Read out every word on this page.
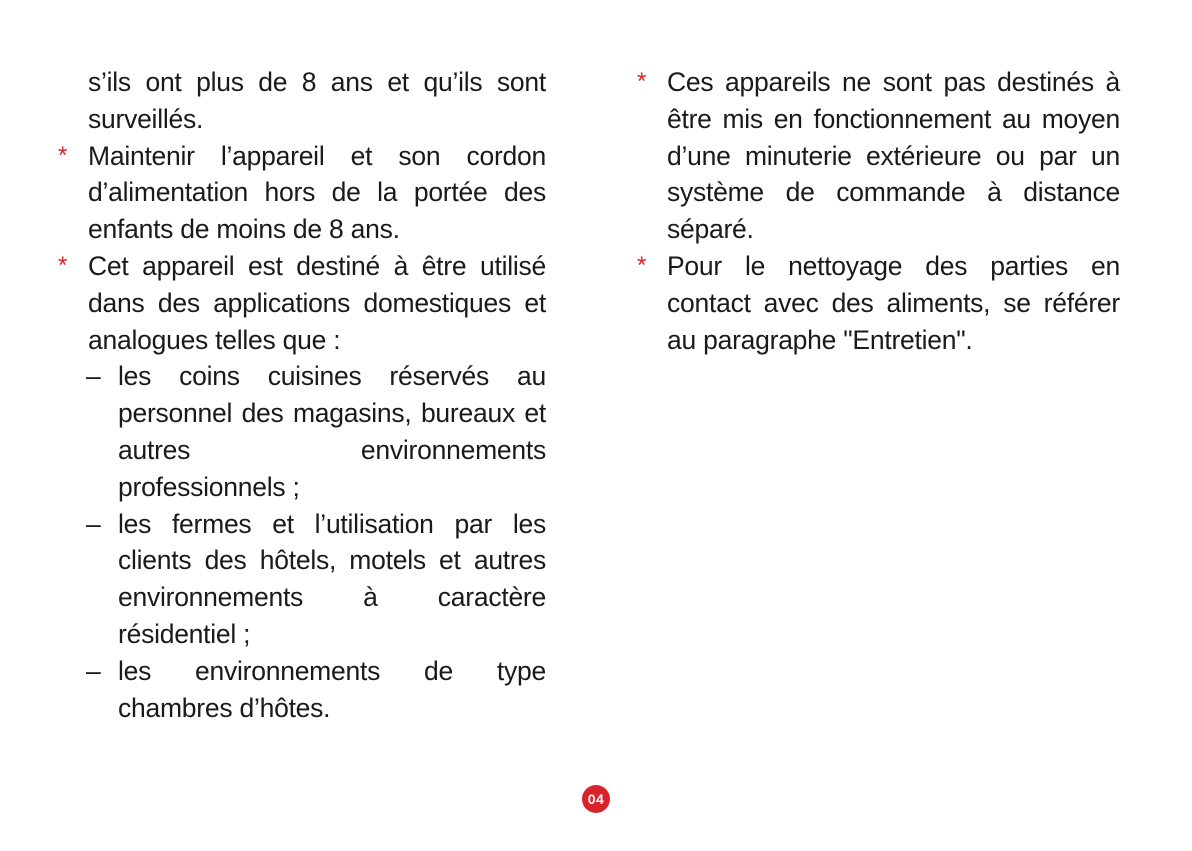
s’ils ont plus de 8 ans et qu’ils sont surveillés.

* Maintenir l’appareil et son cordon d’alimentation hors de la portée des enfants de moins de 8 ans.

* Cet appareil est destiné à être utilisé dans des applications domestiques et analogues telles que :

– les coins cuisines réservés au personnel des magasins, bureaux et autres environnements professionnels ;

– les fermes et l’utilisation par les clients des hôtels, motels et autres environnements à caractère résidentiel ;

– les environnements de type chambres d’hôtes.

* Ces appareils ne sont pas destinés à être mis en fonctionnement au moyen d’une minuterie extérieure ou par un système de commande à distance séparé.

* Pour le nettoyage des parties en contact avec des aliments, se référer au paragraphe "Entretien".

04
